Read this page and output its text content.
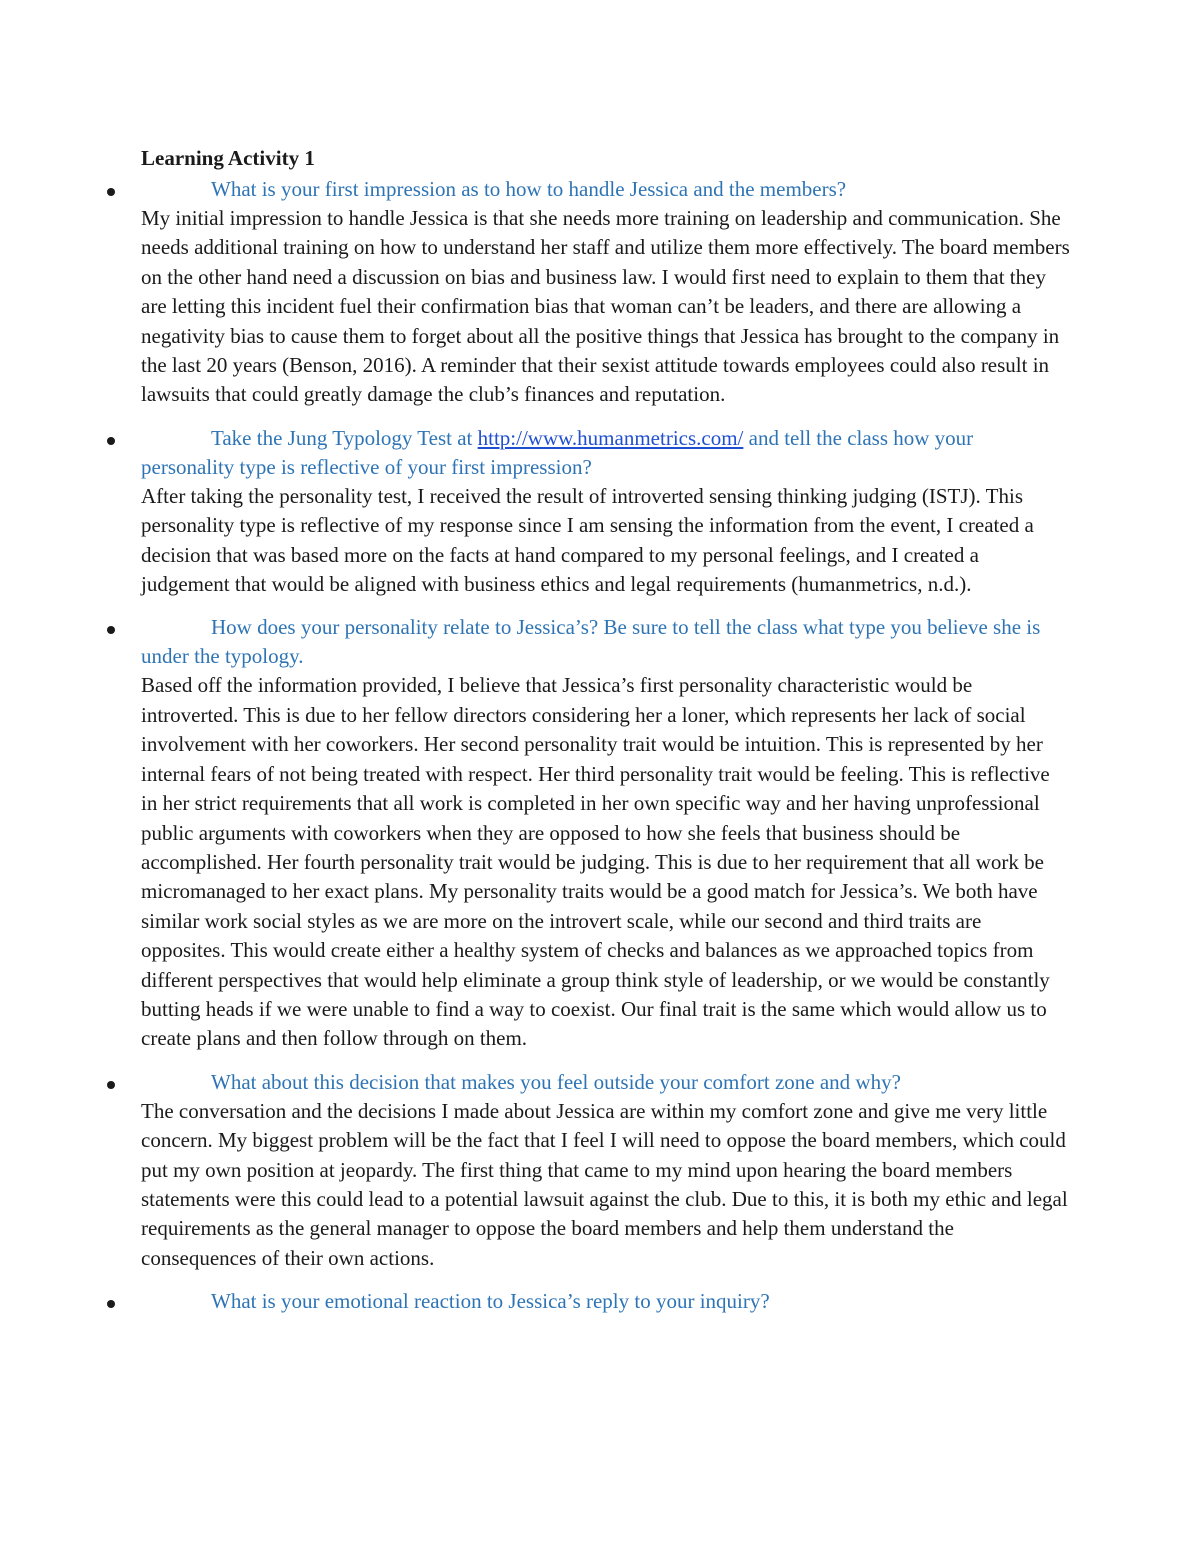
Learning Activity 1

What is your first impression as to how to handle Jessica and the members?

My initial impression to handle Jessica is that she needs more training on leadership and communication. She needs additional training on how to understand her staff and utilize them more effectively. The board members on the other hand need a discussion on bias and business law. I would first need to explain to them that they are letting this incident fuel their confirmation bias that woman can’t be leaders, and there are allowing a negativity bias to cause them to forget about all the positive things that Jessica has brought to the company in the last 20 years (Benson, 2016). A reminder that their sexist attitude towards employees could also result in lawsuits that could greatly damage the club’s finances and reputation.

Take the Jung Typology Test at http://www.humanmetrics.com/ and tell the class how your personality type is reflective of your first impression?

After taking the personality test, I received the result of introverted sensing thinking judging (ISTJ). This personality type is reflective of my response since I am sensing the information from the event, I created a decision that was based more on the facts at hand compared to my personal feelings, and I created a judgement that would be aligned with business ethics and legal requirements (humanmetrics, n.d.).

How does your personality relate to Jessica’s? Be sure to tell the class what type you believe she is under the typology.

Based off the information provided, I believe that Jessica’s first personality characteristic would be introverted. This is due to her fellow directors considering her a loner, which represents her lack of social involvement with her coworkers. Her second personality trait would be intuition. This is represented by her internal fears of not being treated with respect. Her third personality trait would be feeling. This is reflective in her strict requirements that all work is completed in her own specific way and her having unprofessional public arguments with coworkers when they are opposed to how she feels that business should be accomplished. Her fourth personality trait would be judging. This is due to her requirement that all work be micromanaged to her exact plans. My personality traits would be a good match for Jessica’s. We both have similar work social styles as we are more on the introvert scale, while our second and third traits are opposites. This would create either a healthy system of checks and balances as we approached topics from different perspectives that would help eliminate a group think style of leadership, or we would be constantly butting heads if we were unable to find a way to coexist. Our final trait is the same which would allow us to create plans and then follow through on them.

What about this decision that makes you feel outside your comfort zone and why?

The conversation and the decisions I made about Jessica are within my comfort zone and give me very little concern. My biggest problem will be the fact that I feel I will need to oppose the board members, which could put my own position at jeopardy. The first thing that came to my mind upon hearing the board members statements were this could lead to a potential lawsuit against the club. Due to this, it is both my ethic and legal requirements as the general manager to oppose the board members and help them understand the consequences of their own actions.

What is your emotional reaction to Jessica’s reply to your inquiry?
